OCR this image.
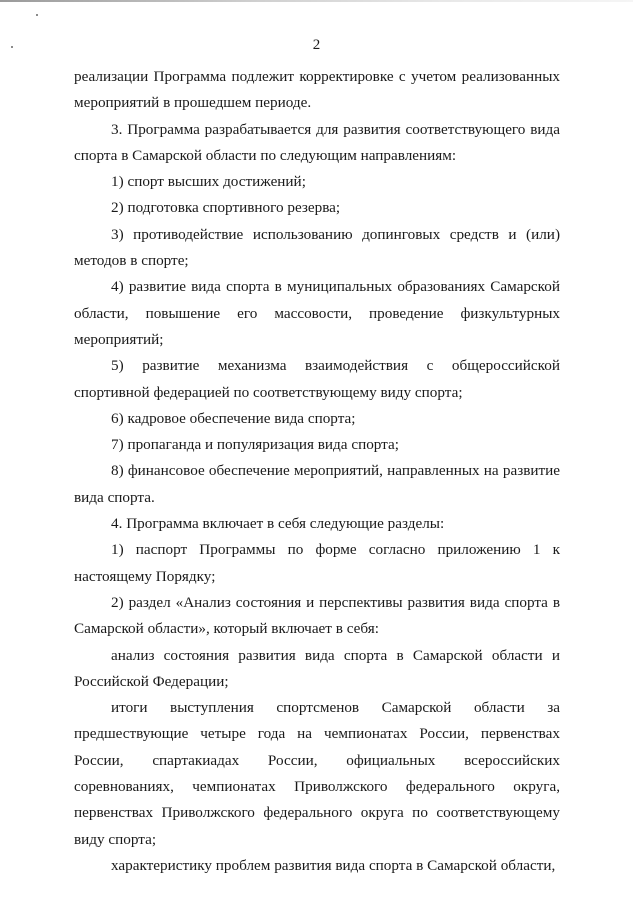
2

реализации Программа подлежит корректировке с учетом реализованных мероприятий в прошедшем периоде.

3. Программа разрабатывается для развития соответствующего вида спорта в Самарской области по следующим направлениям:

1) спорт высших достижений;

2) подготовка спортивного резерва;

3) противодействие использованию допинговых средств и (или) методов в спорте;

4) развитие вида спорта в муниципальных образованиях Самарской области, повышение его массовости, проведение физкультурных мероприятий;

5) развитие механизма взаимодействия с общероссийской спортивной федерацией по соответствующему виду спорта;

6) кадровое обеспечение вида спорта;

7) пропаганда и популяризация вида спорта;

8) финансовое обеспечение мероприятий, направленных на развитие вида спорта.

4. Программа включает в себя следующие разделы:

1) паспорт Программы по форме согласно приложению 1 к настоящему Порядку;

2) раздел «Анализ состояния и перспективы развития вида спорта в Самарской области», который включает в себя:

анализ состояния развития вида спорта в Самарской области и Российской Федерации;

итоги выступления спортсменов Самарской области за предшествующие четыре года на чемпионатах России, первенствах России, спартакиадах России, официальных всероссийских соревнованиях, чемпионатах Приволжского федерального округа, первенствах Приволжского федерального округа по соответствующему виду спорта;

характеристику проблем развития вида спорта в Самарской области,
